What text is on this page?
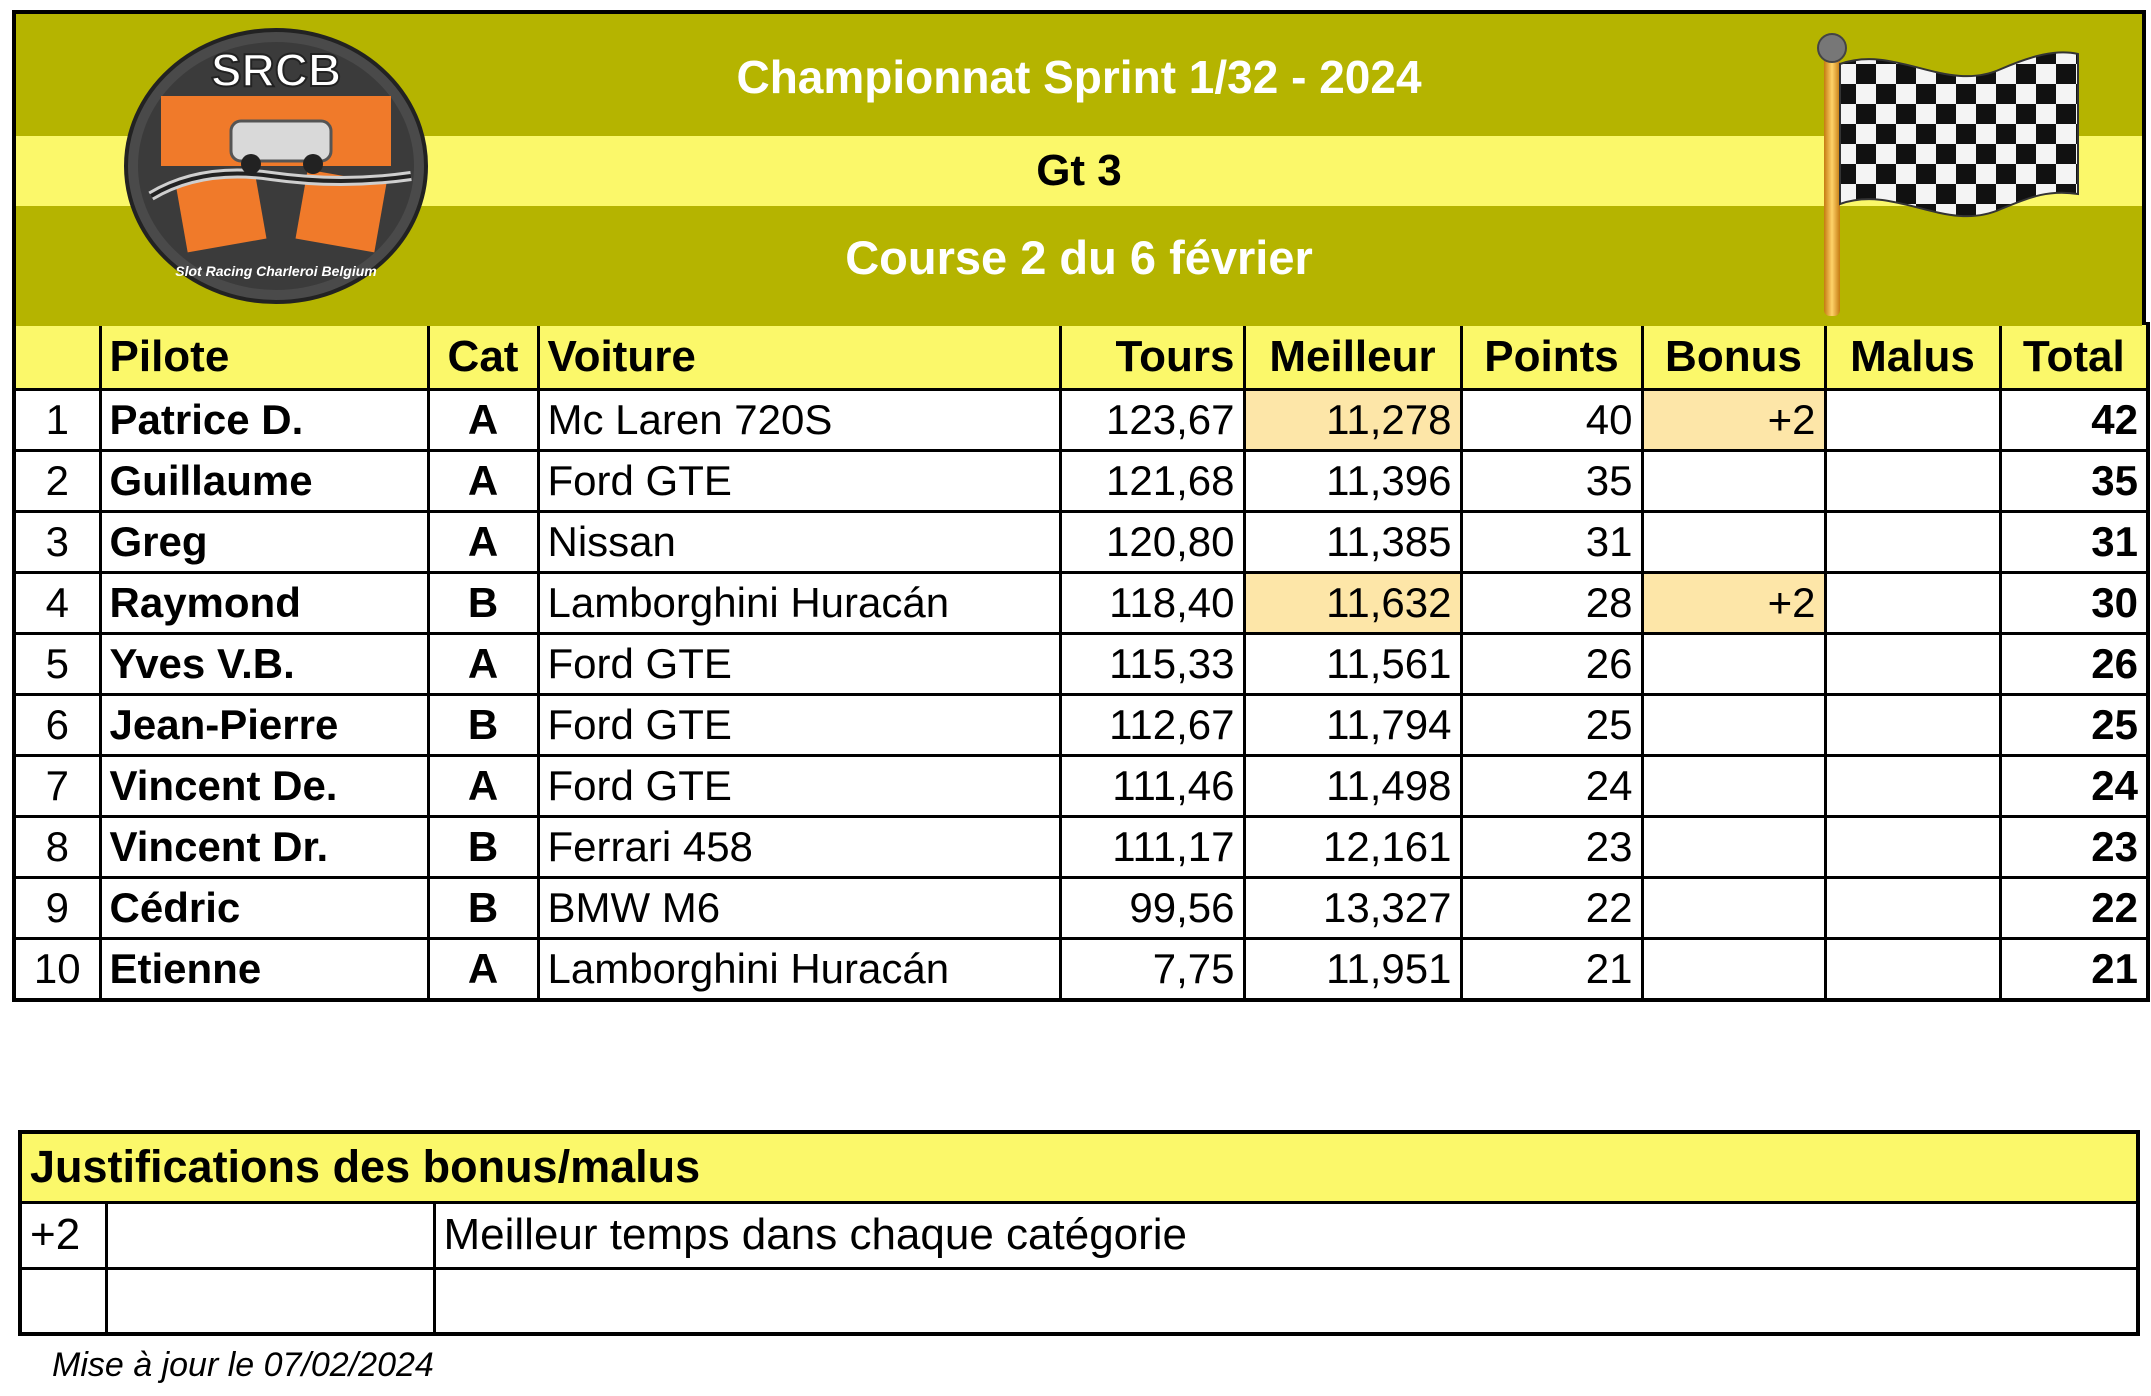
SRCB
Slot Racing Charleroi Belgium
Championnat Sprint 1/32 - 2024
Gt 3
Course 2 du 6 février
	Pilote	Cat	Voiture	Tours	Meilleur	Points	Bonus	Malus	Total
1	Patrice D.	A	Mc Laren 720S	123,67	11,278	40	+2		42
2	Guillaume	A	Ford GTE	121,68	11,396	35			35
3	Greg	A	Nissan	120,80	11,385	31			31
4	Raymond	B	Lamborghini Huracán	118,40	11,632	28	+2		30
5	Yves V.B.	A	Ford GTE	115,33	11,561	26			26
6	Jean-Pierre	B	Ford GTE	112,67	11,794	25			25
7	Vincent De.	A	Ford GTE	111,46	11,498	24			24
8	Vincent Dr.	B	Ferrari 458	111,17	12,161	23			23
9	Cédric	B	BMW M6	99,56	13,327	22			22
10	Etienne	A	Lamborghini Huracán	7,75	11,951	21			21
Justifications des bonus/malus		
+2		Meilleur temps dans chaque catégorie

Mise à jour le 07/02/2024
